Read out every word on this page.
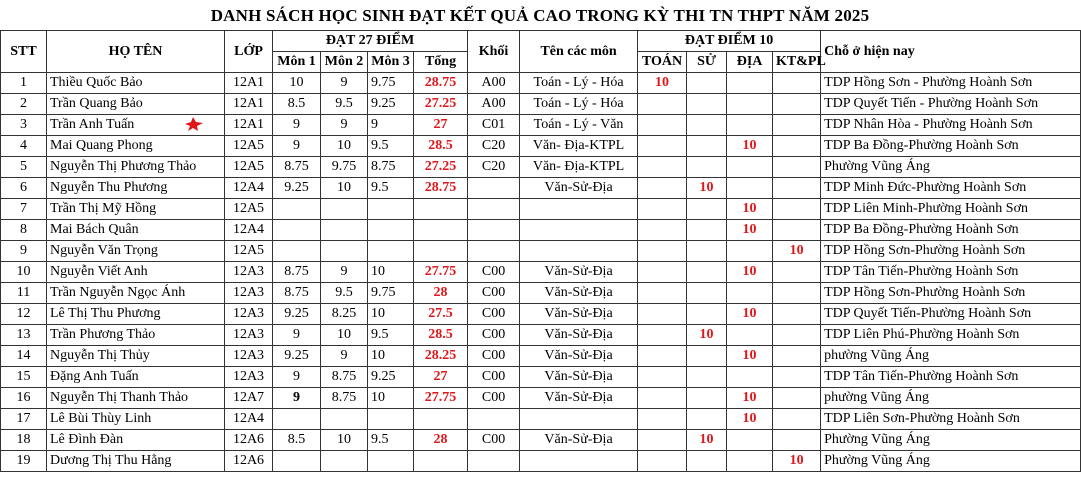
DANH SÁCH HỌC SINH ĐẠT KẾT QUẢ CAO TRONG KỲ THI TN THPT NĂM 2025
STT	HỌ TÊN	LỚP	ĐẠT 27 ĐIỂM				Khối	Tên các môn	ĐẠT ĐIỂM 10				Chỗ ở hiện nay
			Môn 1	Môn 2	Môn 3	Tổng			TOÁN	SỬ	ĐỊA	KT&PL	
1	Thiều Quốc Bảo	12A1	10	9	9.75	28.75	A00	Toán - Lý - Hóa	10				TDP Hồng Sơn - Phường Hoành Sơn
2	Trần Quang Bảo	12A1	8.5	9.5	9.25	27.25	A00	Toán - Lý - Hóa					TDP Quyết Tiến - Phường Hoành Sơn
3	Trần Anh Tuấn	12A1	9	9	9	27	C01	Toán - Lý - Văn					TDP Nhân Hòa - Phường Hoành Sơn
4	Mai Quang Phong	12A5	9	10	9.5	28.5	C20	Văn- Địa-KTPL			10		TDP Ba Đồng-Phường Hoành Sơn
5	Nguyễn Thị Phương Thảo	12A5	8.75	9.75	8.75	27.25	C20	Văn- Địa-KTPL					Phường Vũng Áng
6	Nguyễn Thu Phương	12A4	9.25	10	9.5	28.75		Văn-Sử-Địa		10			TDP Minh Đức-Phường Hoành Sơn
7	Trần Thị Mỹ Hồng	12A5									10		TDP Liên Minh-Phường Hoành Sơn
8	Mai Bách Quân	12A4									10		TDP Ba Đồng-Phường Hoành Sơn
9	Nguyễn Văn Trọng	12A5										10	TDP Hồng Sơn-Phường Hoành Sơn
10	Nguyễn Viết Anh	12A3	8.75	9	10	27.75	C00	Văn-Sử-Địa			10		TDP Tân Tiến-Phường Hoành Sơn
11	Trần Nguyễn Ngọc Ánh	12A3	8.75	9.5	9.75	28	C00	Văn-Sử-Địa					TDP Hồng Sơn-Phường Hoành Sơn
12	Lê Thị Thu Phương	12A3	9.25	8.25	10	27.5	C00	Văn-Sử-Địa			10		TDP Quyết Tiến-Phường Hoành Sơn
13	Trần Phương Thảo	12A3	9	10	9.5	28.5	C00	Văn-Sử-Địa		10			TDP Liên Phú-Phường Hoành Sơn
14	Nguyễn Thị Thủy	12A3	9.25	9	10	28.25	C00	Văn-Sử-Địa			10		phường Vũng Áng
15	Đặng Anh Tuấn	12A3	9	8.75	9.25	27	C00	Văn-Sử-Địa					TDP Tân Tiến-Phường Hoành Sơn
16	Nguyễn Thị Thanh Thảo	12A7	9	8.75	10	27.75	C00	Văn-Sử-Địa			10		phường Vũng Áng
17	Lê Bùi Thùy Linh	12A4									10		TDP Liên Sơn-Phường Hoành Sơn
18	Lê Đình Đàn	12A6	8.5	10	9.5	28	C00	Văn-Sử-Địa		10			Phường Vũng Áng
19	Dương Thị Thu Hằng	12A6										10	Phường Vũng Áng
